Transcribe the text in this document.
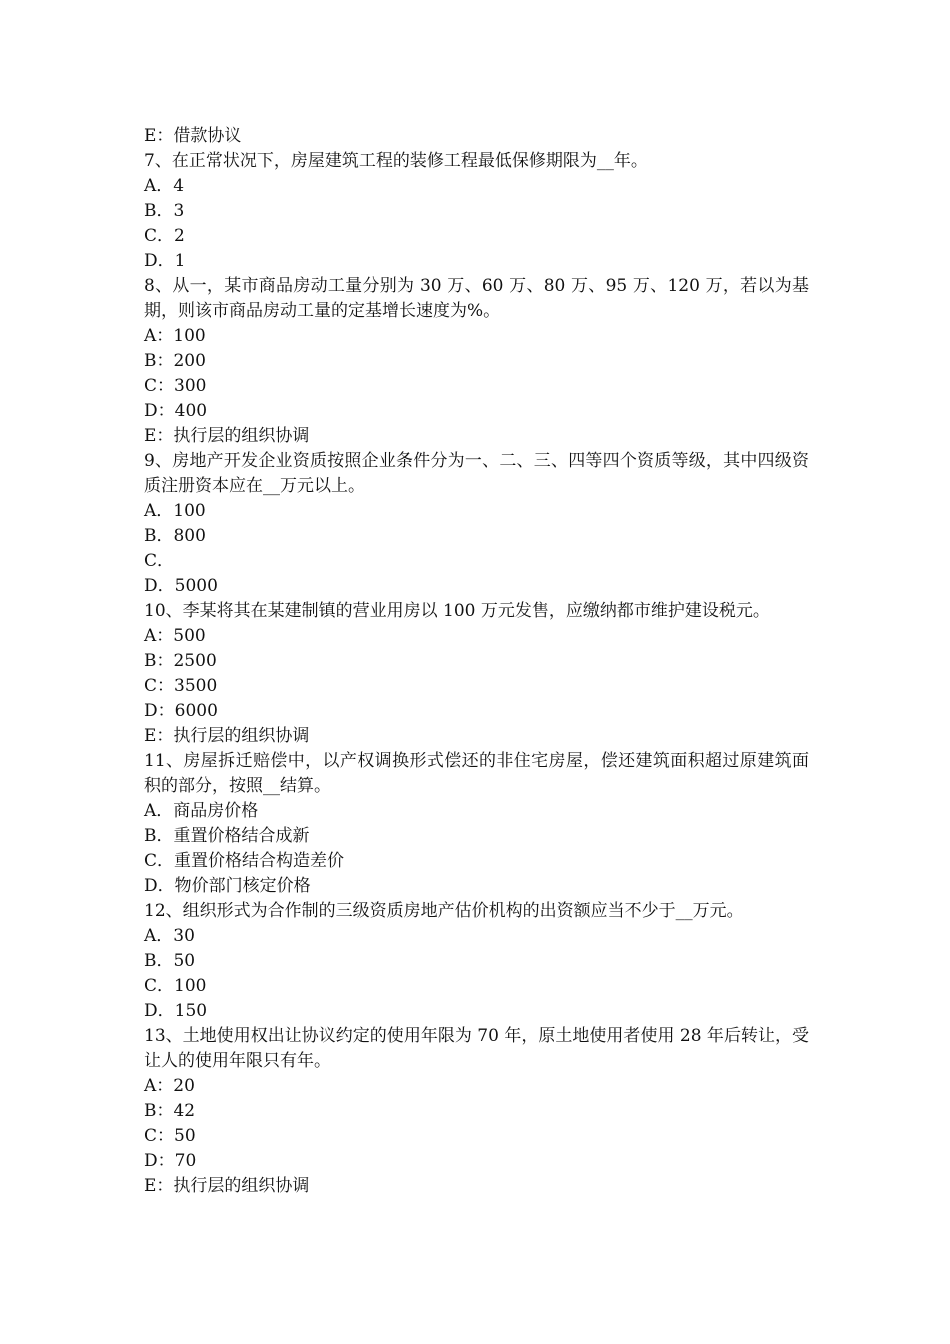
E：借款协议
7、在正常状况下，房屋建筑工程的装修工程最低保修期限为__年。
A．4
B．3
C．2
D．1
8、从一，某市商品房动工量分别为 30 万、60 万、80 万、95 万、120 万，若以为基期，则该市商品房动工量的定基增长速度为%。
A：100
B：200
C：300
D：400
E：执行层的组织协调
9、房地产开发企业资质按照企业条件分为一、二、三、四等四个资质等级，其中四级资质注册资本应在__万元以上。
A．100
B．800
C．
D．5000
10、李某将其在某建制镇的营业用房以 100 万元发售，应缴纳都市维护建设税元。
A：500
B：2500
C：3500
D：6000
E：执行层的组织协调
11、房屋拆迁赔偿中，以产权调换形式偿还的非住宅房屋，偿还建筑面积超过原建筑面积的部分，按照__结算。
A．商品房价格
B．重置价格结合成新
C．重置价格结合构造差价
D．物价部门核定价格
12、组织形式为合作制的三级资质房地产估价机构的出资额应当不少于__万元。
A．30
B．50
C．100
D．150
13、土地使用权出让协议约定的使用年限为 70 年，原土地使用者使用 28 年后转让，受让人的使用年限只有年。
A：20
B：42
C：50
D：70
E：执行层的组织协调
